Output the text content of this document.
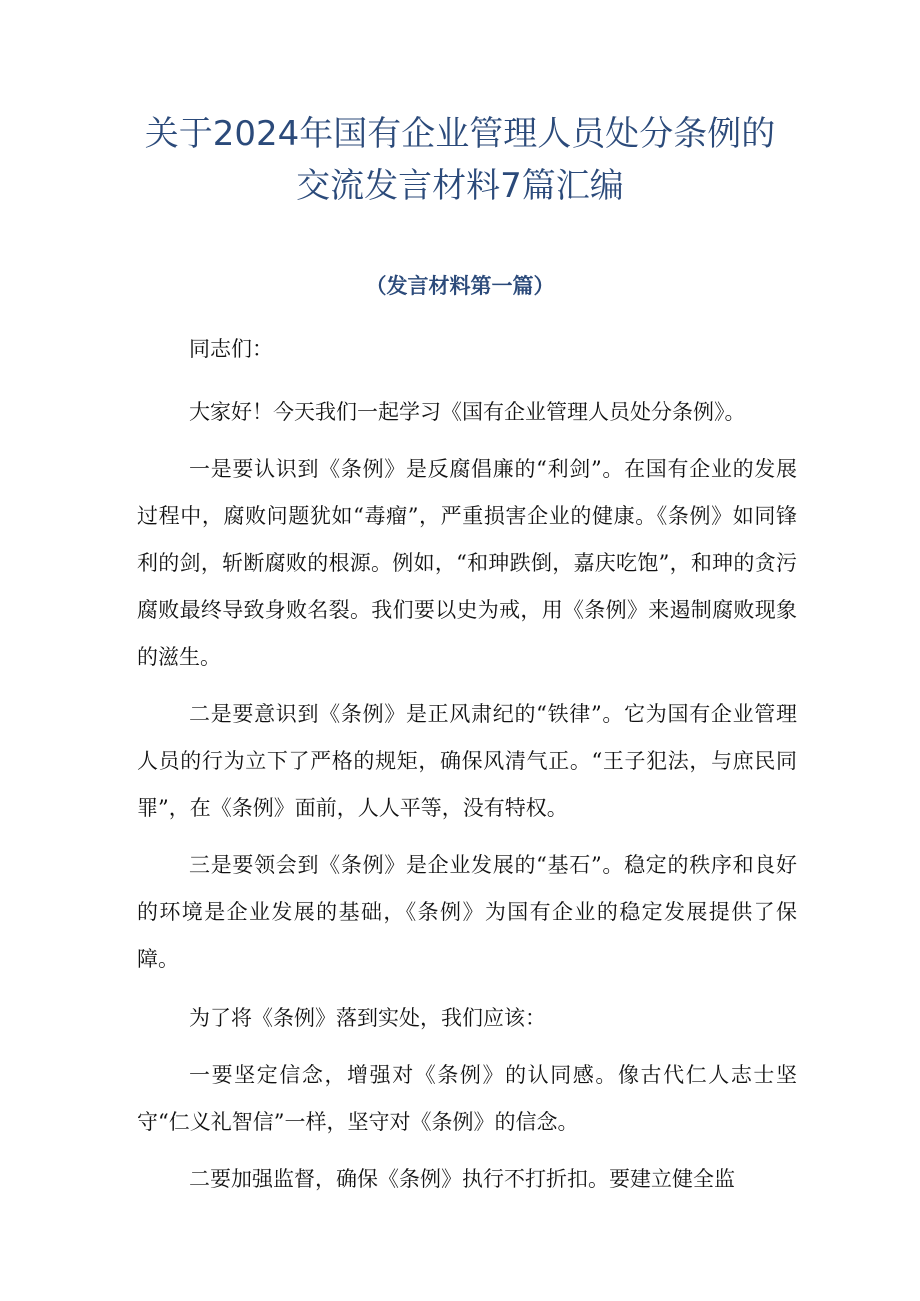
关于2024年国有企业管理人员处分条例的
交流发言材料7篇汇编
（发言材料第一篇）

同志们：

大家好！今天我们一起学习《国有企业管理人员处分条例》。

一是要认识到《条例》是反腐倡廉的“利剑”。在国有企业的发展过程中，腐败问题犹如“毒瘤”，严重损害企业的健康。《条例》如同锋利的剑，斩断腐败的根源。例如，“和珅跌倒，嘉庆吃饱”，和珅的贪污腐败最终导致身败名裂。我们要以史为戒，用《条例》来遏制腐败现象的滋生。

二是要意识到《条例》是正风肃纪的“铁律”。它为国有企业管理人员的行为立下了严格的规矩，确保风清气正。“王子犯法，与庶民同罪”，在《条例》面前，人人平等，没有特权。

三是要领会到《条例》是企业发展的“基石”。稳定的秩序和良好的环境是企业发展的基础，《条例》为国有企业的稳定发展提供了保障。

为了将《条例》落到实处，我们应该：

一要坚定信念，增强对《条例》的认同感。像古代仁人志士坚守“仁义礼智信”一样，坚守对《条例》的信念。

二要加强监督，确保《条例》执行不打折扣。要建立健全监
